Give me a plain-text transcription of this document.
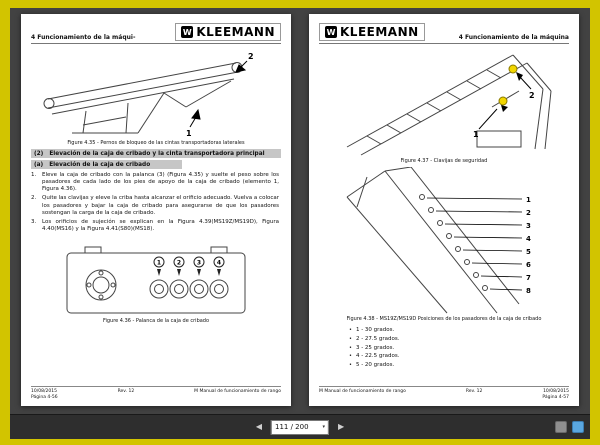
4 Funcionamiento de la máqui-
W KLEEMANN
1
2
Figure 4.35 - Pernos de bloqueo de las cintas transportadoras laterales
(2) Elevación de la caja de cribado y la cinta transportadora principal
(a) Elevación de la caja de cribado
1.	Eleve la caja de cribado con la palanca (3) (Figura 4.35) y suelte el peso sobre los pasadores de cada lado de los pies de apoyo de la caja de cribado (elemento 1, Figura 4.36).
2.	Quite las clavijas y eleve la criba hasta alcanzar el orificio adecuado. Vuelva a colocar los pasadores y bajar la caja de cribado para asegurarse de que los pasadores sostengan la carga de la caja de cribado.
3.	Los orificios de sujeción se explican en la Figura 4.39(MS19Z/MS19D), Figura 4.40(MS16) y la Figura 4.41(S80)(MS18).
1	2	3	4
Figure 4.36 - Palanca de la caja de cribado
10/08/2015
Página 4-56
Rev. 12	M Manual de funcionamiento de rango
W KLEEMANN	4 Funcionamiento de la máquina
2
1
Figure 4.37 - Clavijas de seguridad
1
2
3
4
5
6
7
8
Figure 4.38 - MS19Z/MS19D Posiciones de los pasadores de la caja de cribado
• 1 - 30 grados.
• 2 - 27.5 grados.
• 3 - 25 grados.
• 4 - 22.5 grados.
• 5 - 20 grados.
M Manual de funcionamiento de rango	Rev. 12	10/08/2015
Página 4-57
◀	111 / 200	▾	▶
